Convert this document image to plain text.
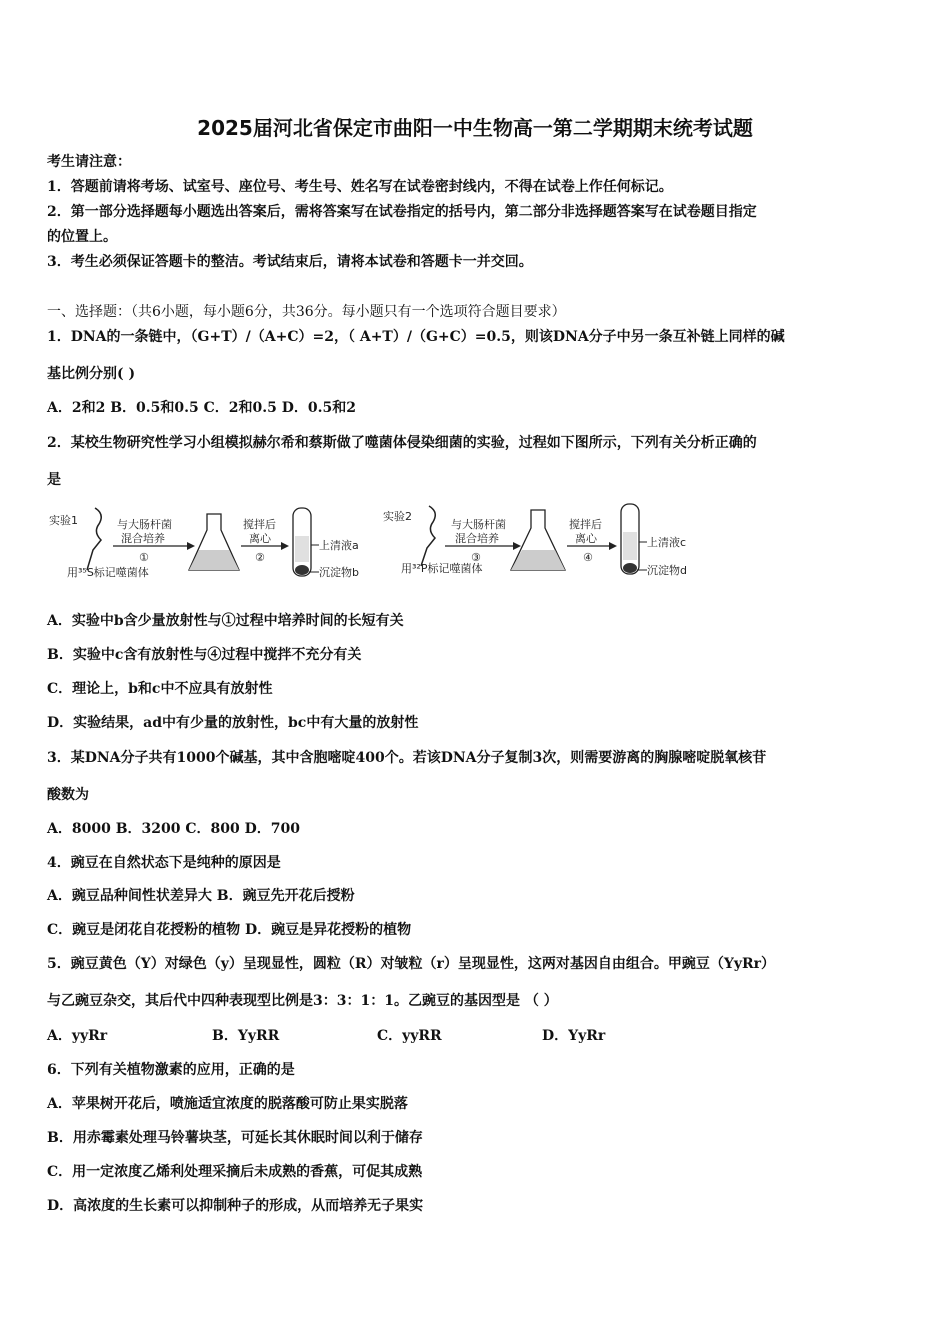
2025届河北省保定市曲阳一中生物高一第二学期期末统考试题
考生请注意：
1．答题前请将考场、试室号、座位号、考生号、姓名写在试卷密封线内，不得在试卷上作任何标记。
2．第一部分选择题每小题选出答案后，需将答案写在试卷指定的括号内，第二部分非选择题答案写在试卷题目指定
的位置上。
3．考生必须保证答题卡的整洁。考试结束后，请将本试卷和答题卡一并交回。
一、选择题：（共6小题，每小题6分，共36分。每小题只有一个选项符合题目要求）
1．DNA的一条链中，（G+T）/（A+C）=2，（ A+T）/（G+C）=0.5，则该DNA分子中另一条互补链上同样的碱
基比例分别( )
A．2和2 B．0.5和0.5 C．2和0.5 D．0.5和2
2．某校生物研究性学习小组模拟赫尔希和蔡斯做了噬菌体侵染细菌的实验，过程如下图所示，下列有关分析正确的
是
实验1
用³⁵S标记噬菌体
与大肠杆菌
混合培养
①
搅拌后
离心
②
上清液a
沉淀物b
实验2
用³²P标记噬菌体
与大肠杆菌
混合培养
③
搅拌后
离心
④
上清液c
沉淀物d
A．实验中b含少量放射性与①过程中培养时间的长短有关
B．实验中c含有放射性与④过程中搅拌不充分有关
C．理论上，b和c中不应具有放射性
D．实验结果，ad中有少量的放射性，bc中有大量的放射性
3．某DNA分子共有1000个碱基，其中含胞嘧啶400个。若该DNA分子复制3次，则需要游离的胸腺嘧啶脱氧核苷
酸数为
A．8000 B．3200 C．800 D．700
4．豌豆在自然状态下是纯种的原因是
A．豌豆品种间性状差异大 B．豌豆先开花后授粉
C．豌豆是闭花自花授粉的植物 D．豌豆是异花授粉的植物
5．豌豆黄色（Y）对绿色（y）呈现显性，圆粒（R）对皱粒（r）呈现显性，这两对基因自由组合。甲豌豆（YyRr）
与乙豌豆杂交，其后代中四种表现型比例是3：3：1：1。乙豌豆的基因型是 （ ）
A．yyRr	B．YyRR	C．yyRR	D．YyRr
6．下列有关植物激素的应用，正确的是
A．苹果树开花后，喷施适宜浓度的脱落酸可防止果实脱落
B．用赤霉素处理马铃薯块茎，可延长其休眠时间以利于储存
C．用一定浓度乙烯利处理采摘后未成熟的香蕉，可促其成熟
D．高浓度的生长素可以抑制种子的形成，从而培养无子果实
